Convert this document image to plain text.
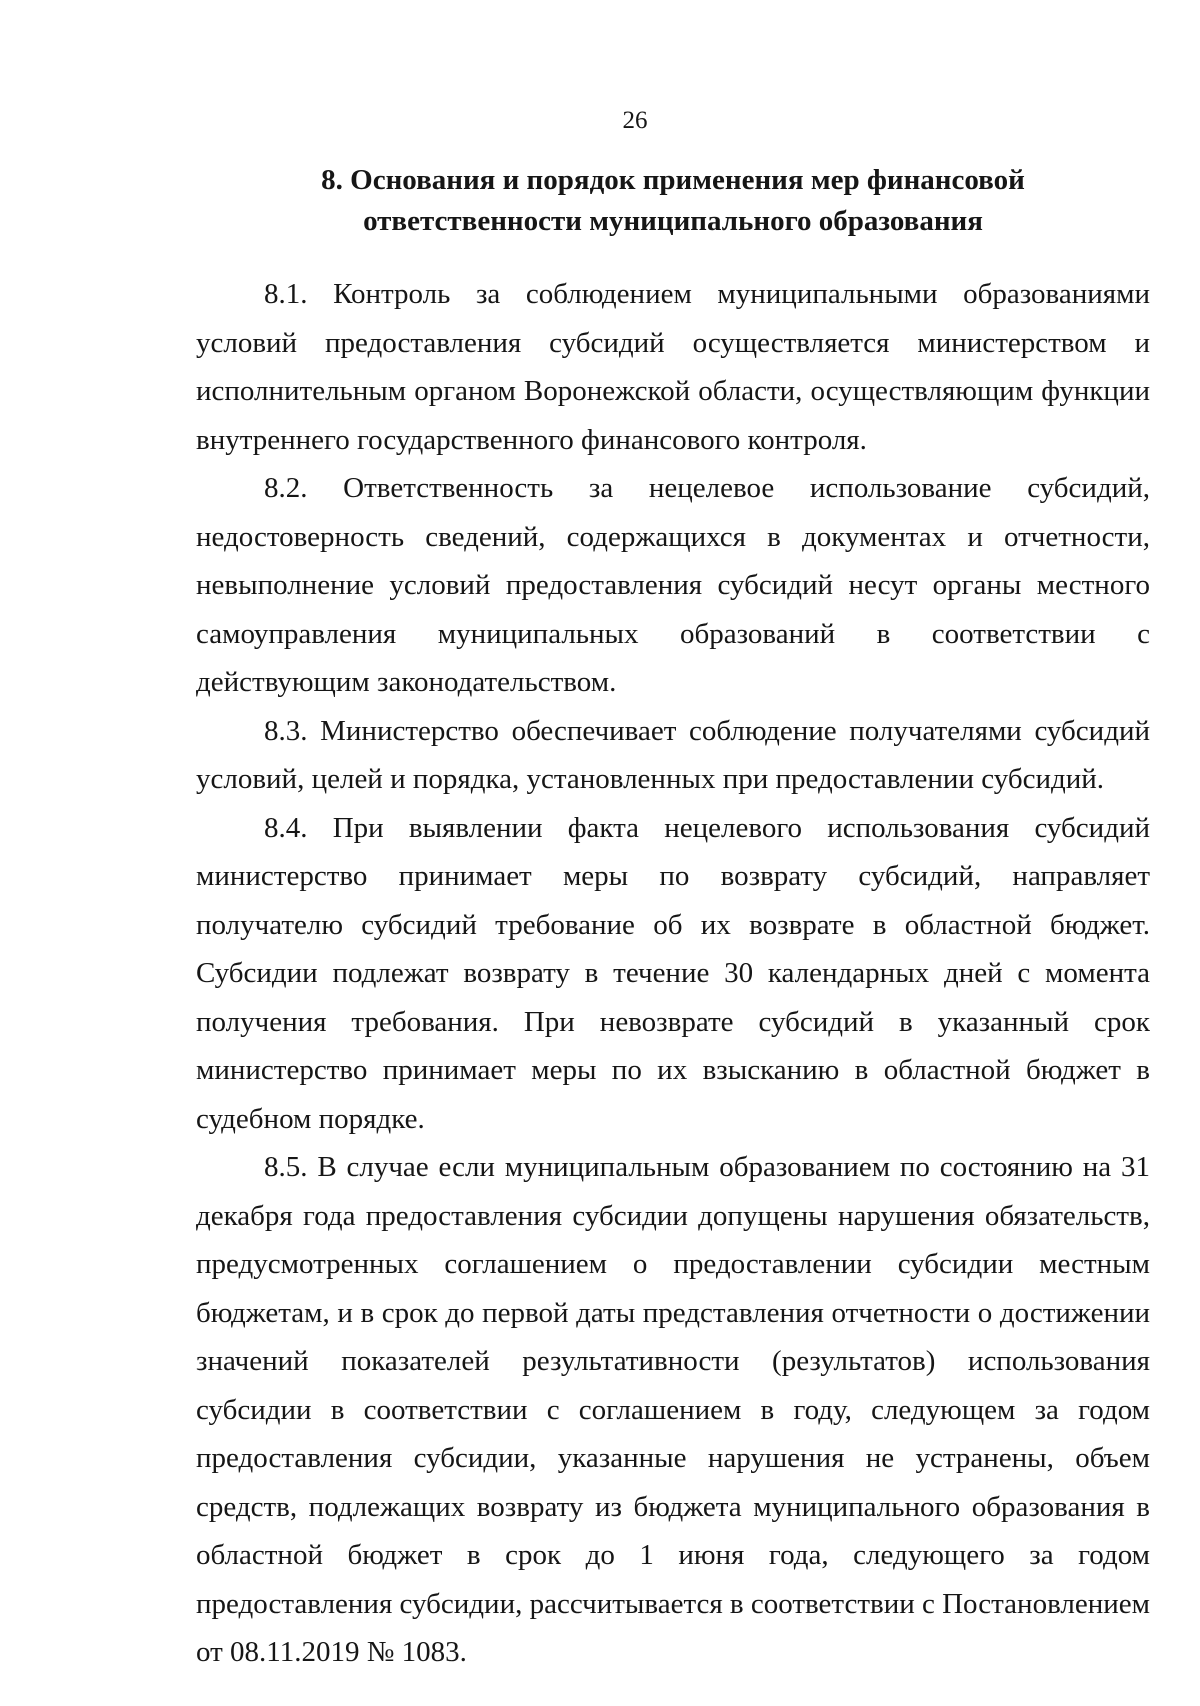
26
8. Основания и порядок применения мер финансовой
ответственности муниципального образования

8.1. Контроль за соблюдением муниципальными образованиями условий предоставления субсидий осуществляется министерством и исполнительным органом Воронежской области, осуществляющим функции внутреннего государственного финансового контроля.

8.2. Ответственность за нецелевое использование субсидий, недостоверность сведений, содержащихся в документах и отчетности, невыполнение условий предоставления субсидий несут органы местного самоуправления муниципальных образований в соответствии с действующим законодательством.

8.3. Министерство обеспечивает соблюдение получателями субсидий условий, целей и порядка, установленных при предоставлении субсидий.

8.4. При выявлении факта нецелевого использования субсидий министерство принимает меры по возврату субсидий, направляет получателю субсидий требование об их возврате в областной бюджет. Субсидии подлежат возврату в течение 30 календарных дней с момента получения требования. При невозврате субсидий в указанный срок министерство принимает меры по их взысканию в областной бюджет в судебном порядке.

8.5. В случае если муниципальным образованием по состоянию на 31 декабря года предоставления субсидии допущены нарушения обязательств, предусмотренных соглашением о предоставлении субсидии местным бюджетам, и в срок до первой даты представления отчетности о достижении значений показателей результативности (результатов) использования субсидии в соответствии с соглашением в году, следующем за годом предоставления субсидии, указанные нарушения не устранены, объем средств, подлежащих возврату из бюджета муниципального образования в областной бюджет в срок до 1 июня года, следующего за годом предоставления субсидии, рассчитывается в соответствии с Постановлением от 08.11.2019 № 1083.
